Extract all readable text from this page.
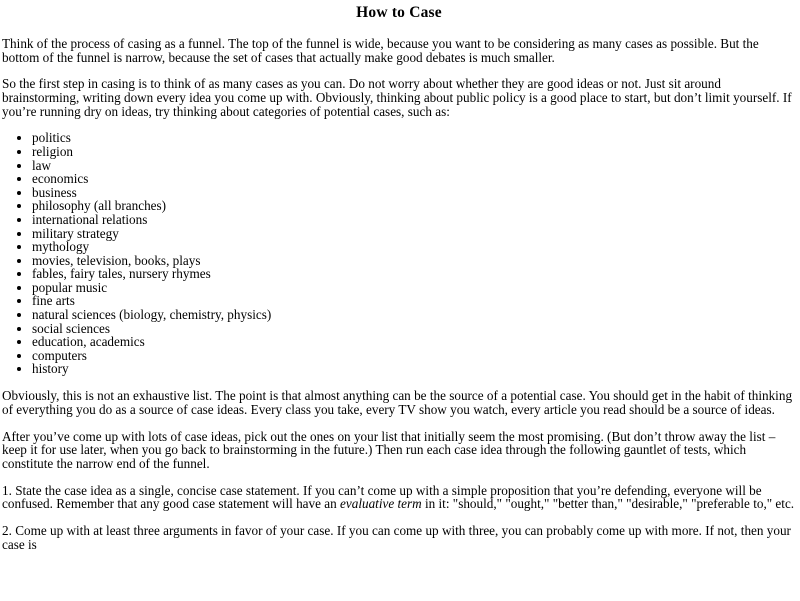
How to Case

Think of the process of casing as a funnel. The top of the funnel is wide, because you want to be considering as many cases as possible. But the bottom of the funnel is narrow, because the set of cases that actually make good debates is much smaller.

So the first step in casing is to think of as many cases as you can. Do not worry about whether they are good ideas or not. Just sit around brainstorming, writing down every idea you come up with. Obviously, thinking about public policy is a good place to start, but don’t limit yourself. If you’re running dry on ideas, try thinking about categories of potential cases, such as:

• politics
• religion
• law
• economics
• business
• philosophy (all branches)
• international relations
• military strategy
• mythology
• movies, television, books, plays
• fables, fairy tales, nursery rhymes
• popular music
• fine arts
• natural sciences (biology, chemistry, physics)
• social sciences
• education, academics
• computers
• history

Obviously, this is not an exhaustive list. The point is that almost anything can be the source of a potential case. You should get in the habit of thinking of everything you do as a source of case ideas. Every class you take, every TV show you watch, every article you read should be a source of ideas.

After you’ve come up with lots of case ideas, pick out the ones on your list that initially seem the most promising. (But don’t throw away the list – keep it for use later, when you go back to brainstorming in the future.) Then run each case idea through the following gauntlet of tests, which constitute the narrow end of the funnel.

1. State the case idea as a single, concise case statement. If you can’t come up with a simple proposition that you’re defending, everyone will be confused. Remember that any good case statement will have an evaluative term in it: "should," "ought," "better than," "desirable," "preferable to," etc.

2. Come up with at least three arguments in favor of your case. If you can come up with three, you can probably come up with more. If not, then your case is
